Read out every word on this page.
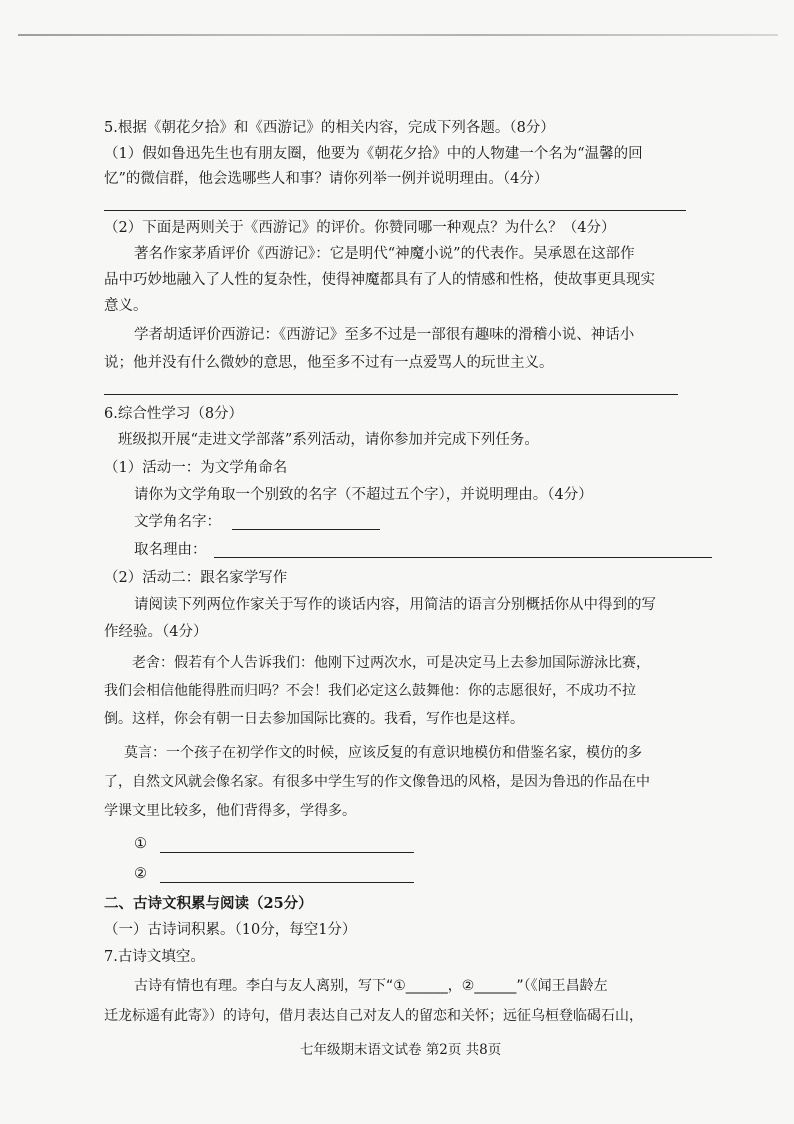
5.根据《朝花夕拾》和《西游记》的相关内容，完成下列各题。（8分）
（1）假如鲁迅先生也有朋友圈，他要为《朝花夕拾》中的人物建一个名为“温馨的回
忆”的微信群，他会选哪些人和事？请你列举一例并说明理由。（4分）
（2）下面是两则关于《西游记》的评价。你赞同哪一种观点？为什么？（4分）
著名作家茅盾评价《西游记》：它是明代“神魔小说”的代表作。吴承恩在这部作
品中巧妙地融入了人性的复杂性，使得神魔都具有了人的情感和性格，使故事更具现实
意义。
学者胡适评价西游记：《西游记》至多不过是一部很有趣味的滑稽小说、神话小
说；他并没有什么微妙的意思，他至多不过有一点爱骂人的玩世主义。
6.综合性学习（8分）
班级拟开展“走进文学部落”系列活动，请你参加并完成下列任务。
（1）活动一：为文学角命名
请你为文学角取一个别致的名字（不超过五个字），并说明理由。（4分）
文学角名字：
取名理由：
（2）活动二：跟名家学写作
请阅读下列两位作家关于写作的谈话内容，用简洁的语言分别概括你从中得到的写
作经验。（4分）
老舍：假若有个人告诉我们：他刚下过两次水，可是决定马上去参加国际游泳比赛，
我们会相信他能得胜而归吗？不会！我们必定这么鼓舞他：你的志愿很好，不成功不拉
倒。这样，你会有朝一日去参加国际比赛的。我看，写作也是这样。
莫言：一个孩子在初学作文的时候，应该反复的有意识地模仿和借鉴名家，模仿的多
了，自然文风就会像名家。有很多中学生写的作文像鲁迅的风格，是因为鲁迅的作品在中
学课文里比较多，他们背得多，学得多。
①
②
二、古诗文积累与阅读（25分）
（一）古诗词积累。（10分，每空1分）
7.古诗文填空。
古诗有情也有理。李白与友人离别，写下“①______，②______”（《闻王昌龄左
迁龙标遥有此寄》）的诗句，借月表达自己对友人的留恋和关怀；远征乌桓登临碣石山，
七年级期末语文试卷 第2页 共8页
